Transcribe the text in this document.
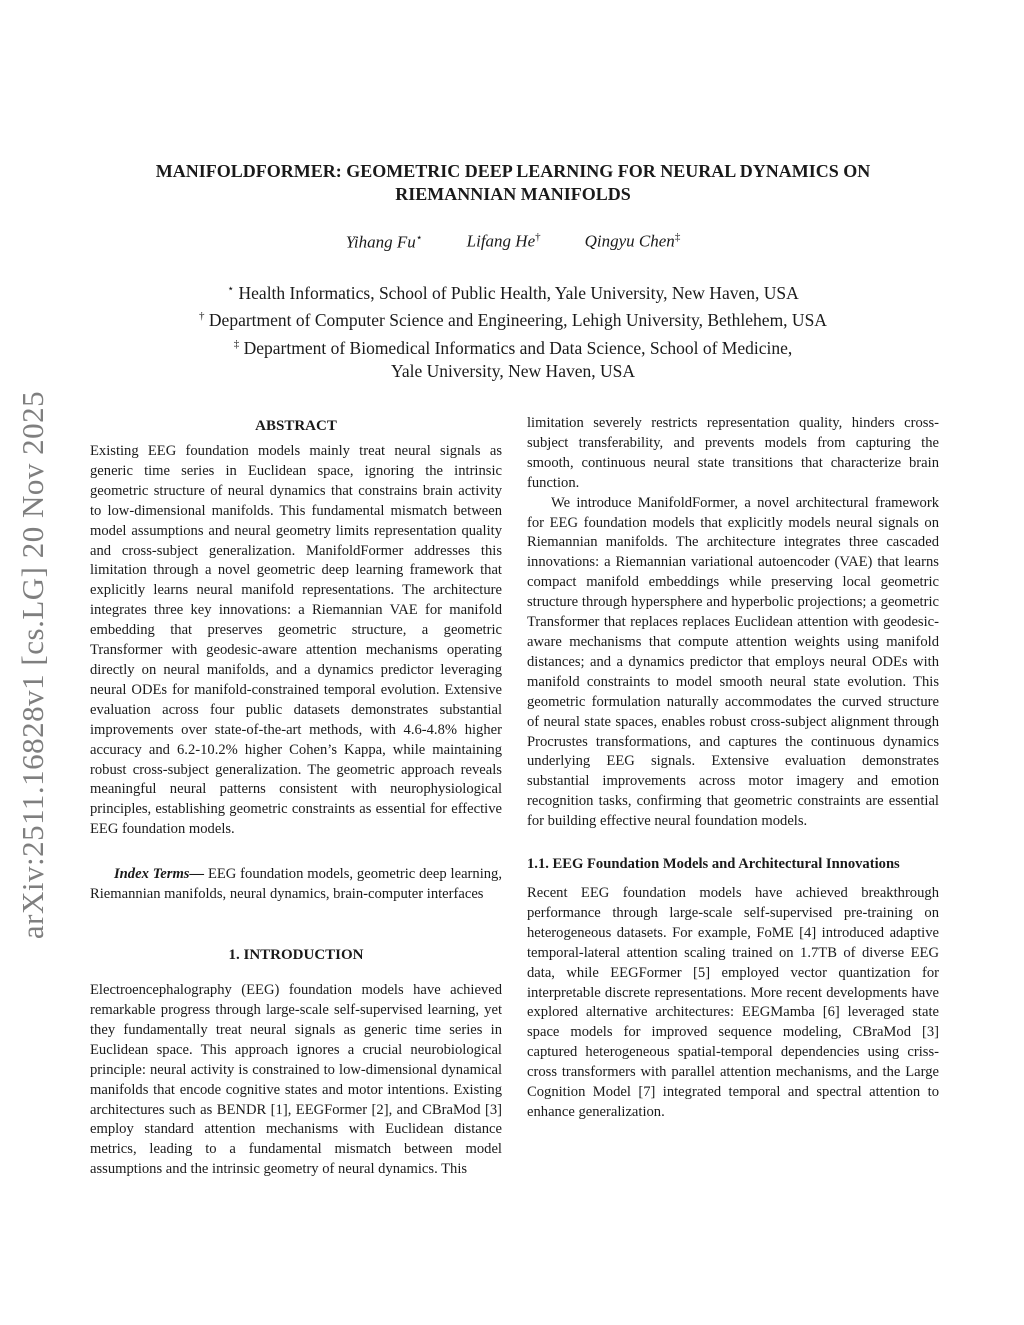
arXiv:2511.16828v1 [cs.LG] 20 Nov 2025
MANIFOLDFORMER: GEOMETRIC DEEP LEARNING FOR NEURAL DYNAMICS ON
RIEMANNIAN MANIFOLDS
Yihang Fu⋆	Lifang He†	Qingyu Chen‡
⋆ Health Informatics, School of Public Health, Yale University, New Haven, USA
† Department of Computer Science and Engineering, Lehigh University, Bethlehem, USA
‡ Department of Biomedical Informatics and Data Science, School of Medicine,
Yale University, New Haven, USA
ABSTRACT

Existing EEG foundation models mainly treat neural signals as generic time series in Euclidean space, ignoring the intrinsic geometric structure of neural dynamics that constrains brain activity to low-dimensional manifolds. This fundamental mismatch between model assumptions and neural geometry limits representation quality and cross-subject generalization. ManifoldFormer addresses this limitation through a novel geometric deep learning framework that explicitly learns neural manifold representations. The architecture integrates three key innovations: a Riemannian VAE for manifold embedding that preserves geometric structure, a geometric Transformer with geodesic-aware attention mechanisms operating directly on neural manifolds, and a dynamics predictor leveraging neural ODEs for manifold-constrained temporal evolution. Extensive evaluation across four public datasets demonstrates substantial improvements over state-of-the-art methods, with 4.6-4.8% higher accuracy and 6.2-10.2% higher Cohen’s Kappa, while maintaining robust cross-subject generalization. The geometric approach reveals meaningful neural patterns consistent with neurophysiological principles, establishing geometric constraints as essential for effective EEG foundation models.

Index Terms— EEG foundation models, geometric deep learning, Riemannian manifolds, neural dynamics, brain-computer interfaces

1. INTRODUCTION

Electroencephalography (EEG) foundation models have achieved remarkable progress through large-scale self-supervised learning, yet they fundamentally treat neural signals as generic time series in Euclidean space. This approach ignores a crucial neurobiological principle: neural activity is constrained to low-dimensional dynamical manifolds that encode cognitive states and motor intentions. Existing architectures such as BENDR [1], EEGFormer [2], and CBraMod [3] employ standard attention mechanisms with Euclidean distance metrics, leading to a fundamental mismatch between model assumptions and the intrinsic geometry of neural dynamics. This

limitation severely restricts representation quality, hinders cross-subject transferability, and prevents models from capturing the smooth, continuous neural state transitions that characterize brain function.

We introduce ManifoldFormer, a novel architectural framework for EEG foundation models that explicitly models neural signals on Riemannian manifolds. The architecture integrates three cascaded innovations: a Riemannian variational autoencoder (VAE) that learns compact manifold embeddings while preserving local geometric structure through hypersphere and hyperbolic projections; a geometric Transformer that replaces replaces Euclidean attention with geodesic-aware mechanisms that compute attention weights using manifold distances; and a dynamics predictor that employs neural ODEs with manifold constraints to model smooth neural state evolution. This geometric formulation naturally accommodates the curved structure of neural state spaces, enables robust cross-subject alignment through Procrustes transformations, and captures the continuous dynamics underlying EEG signals. Extensive evaluation demonstrates substantial improvements across motor imagery and emotion recognition tasks, confirming that geometric constraints are essential for building effective neural foundation models.

1.1. EEG Foundation Models and Architectural Innovations

Recent EEG foundation models have achieved breakthrough performance through large-scale self-supervised pre-training on heterogeneous datasets. For example, FoME [4] introduced adaptive temporal-lateral attention scaling trained on 1.7TB of diverse EEG data, while EEGFormer [5] employed vector quantization for interpretable discrete representations. More recent developments have explored alternative architectures: EEGMamba [6] leveraged state space models for improved sequence modeling, CBraMod [3] captured heterogeneous spatial-temporal dependencies using criss-cross transformers with parallel attention mechanisms, and the Large Cognition Model [7] integrated temporal and spectral attention to enhance generalization.
